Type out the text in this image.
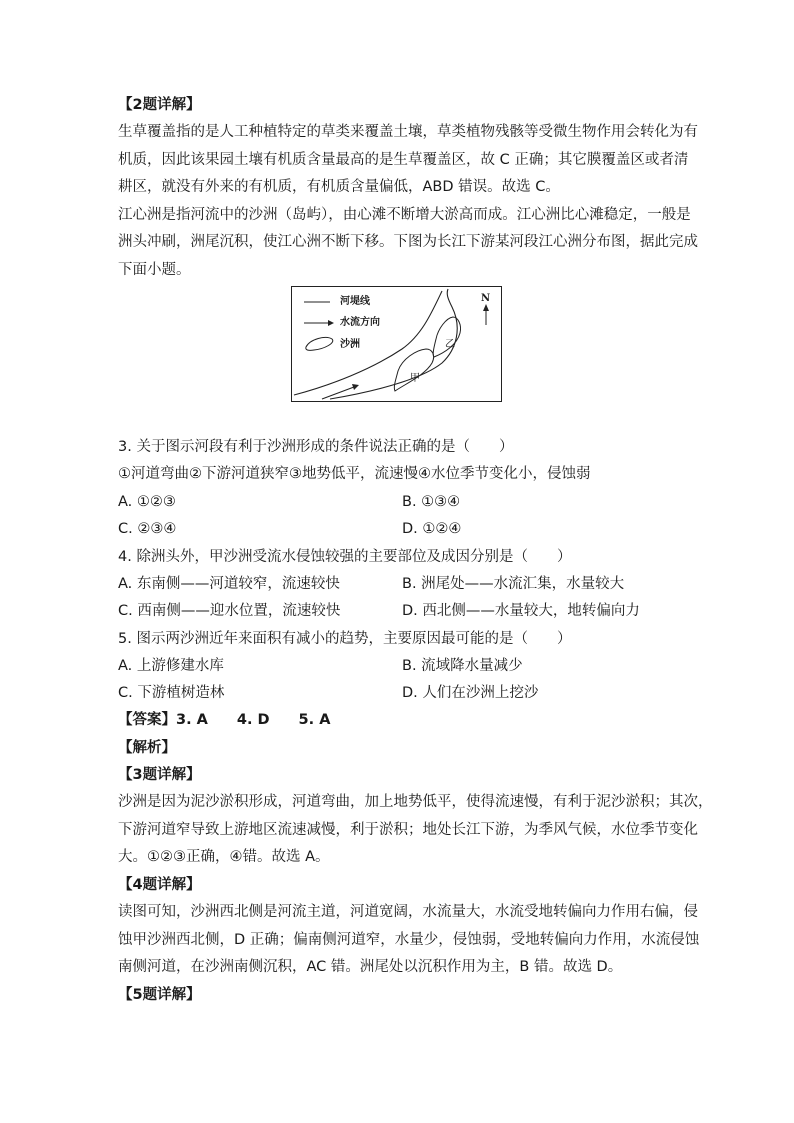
【2题详解】
生草覆盖指的是人工种植特定的草类来覆盖土壤，草类植物残骸等受微生物作用会转化为有
机质，因此该果园土壤有机质含量最高的是生草覆盖区，故 C 正确；其它膜覆盖区或者清
耕区，就没有外来的有机质，有机质含量偏低，ABD 错误。故选 C。
江心洲是指河流中的沙洲（岛屿），由心滩不断增大淤高而成。江心洲比心滩稳定，一般是
洲头冲刷，洲尾沉积，使江心洲不断下移。下图为长江下游某河段江心洲分布图，据此完成
下面小题。
河堤线
水流方向
沙洲
N
甲
乙
3. 关于图示河段有利于沙洲形成的条件说法正确的是（　　）
①河道弯曲②下游河道狭窄③地势低平，流速慢④水位季节变化小，侵蚀弱
A. ①②③	B. ①③④
C. ②③④	D. ①②④
4. 除洲头外，甲沙洲受流水侵蚀较强的主要部位及成因分别是（　　）
A. 东南侧——河道较窄，流速较快	B. 洲尾处——水流汇集，水量较大
C. 西南侧——迎水位置，流速较快	D. 西北侧——水量较大，地转偏向力
5. 图示两沙洲近年来面积有减小的趋势，主要原因最可能的是（　　）
A. 上游修建水库	B. 流域降水量减少
C. 下游植树造林	D. 人们在沙洲上挖沙
【答案】3. A　　4. D　　5. A
【解析】
【3题详解】
沙洲是因为泥沙淤积形成，河道弯曲，加上地势低平，使得流速慢，有利于泥沙淤积；其次，
下游河道窄导致上游地区流速减慢，利于淤积；地处长江下游，为季风气候，水位季节变化
大。①②③正确，④错。故选 A。
【4题详解】
读图可知，沙洲西北侧是河流主道，河道宽阔，水流量大，水流受地转偏向力作用右偏，侵
蚀甲沙洲西北侧，D 正确；偏南侧河道窄，水量少，侵蚀弱，受地转偏向力作用，水流侵蚀
南侧河道，在沙洲南侧沉积，AC 错。洲尾处以沉积作用为主，B 错。故选 D。
【5题详解】
